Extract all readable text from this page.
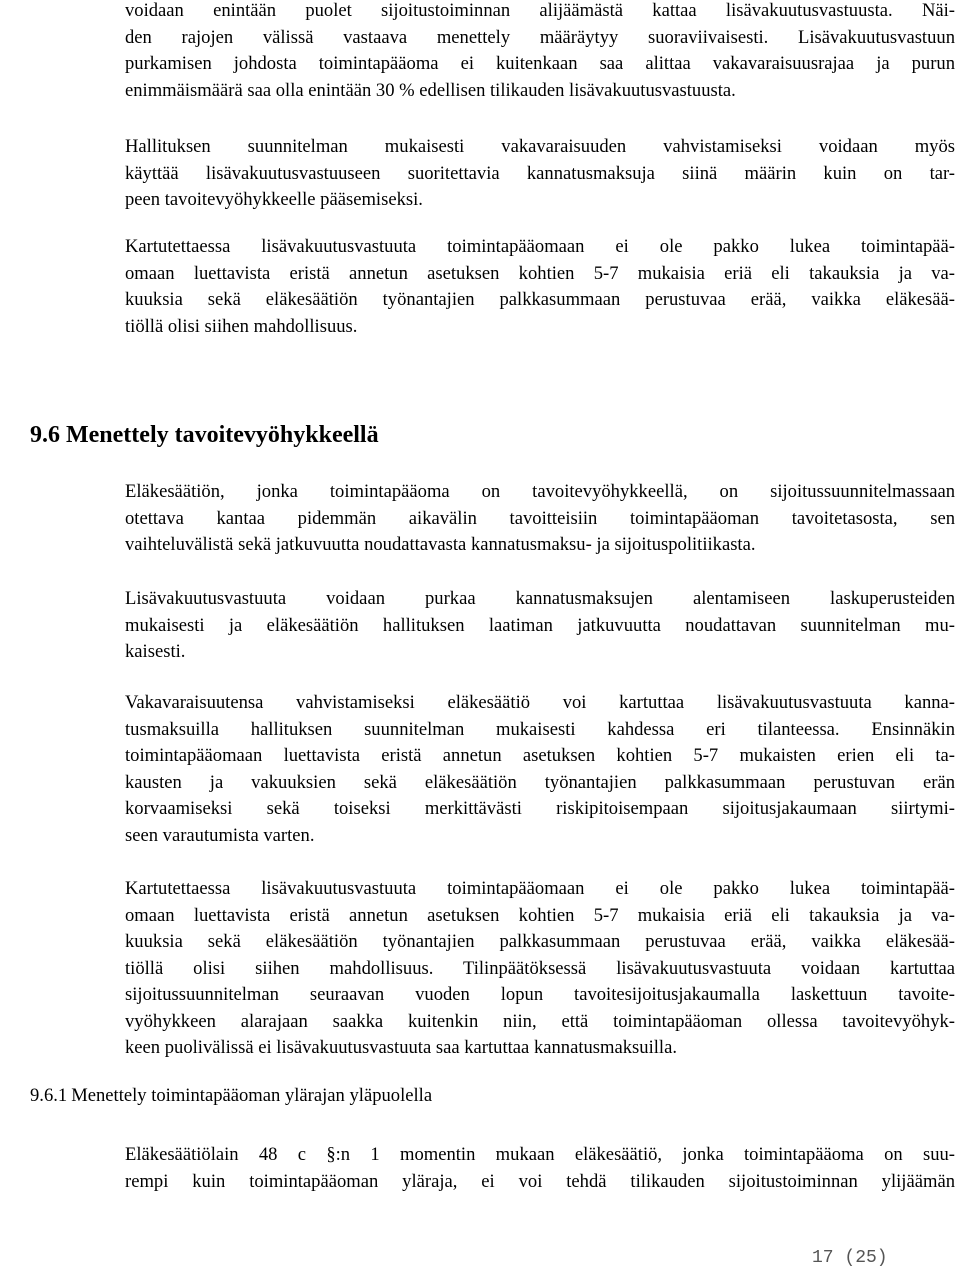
voidaan enintään puolet sijoitustoiminnan alijäämästä kattaa lisävakuutusvastuusta. Näi-
den rajojen välissä vastaava menettely määräytyy suoraviivaisesti. Lisävakuutusvastuun
purkamisen johdosta toimintapääoma ei kuitenkaan saa alittaa vakavaraisuusrajaa ja purun
enimmäismäärä saa olla enintään 30 % edellisen tilikauden lisävakuutusvastuusta.
Hallituksen suunnitelman mukaisesti vakavaraisuuden vahvistamiseksi voidaan myös
käyttää lisävakuutusvastuuseen suoritettavia kannatusmaksuja siinä määrin kuin on tar-
peen tavoitevyöhykkeelle pääsemiseksi.
Kartutettaessa lisävakuutusvastuuta toimintapääomaan ei ole pakko lukea toimintapää-
omaan luettavista eristä annetun asetuksen kohtien 5-7 mukaisia eriä eli takauksia ja va-
kuuksia sekä eläkesäätiön työnantajien palkkasummaan perustuvaa erää, vaikka eläkesää-
tiöllä olisi siihen mahdollisuus.
9.6 Menettely tavoitevyöhykkeellä
Eläkesäätiön, jonka toimintapääoma on tavoitevyöhykkeellä, on sijoitussuunnitelmassaan
otettava kantaa pidemmän aikavälin tavoitteisiin toimintapääoman tavoitetasosta, sen
vaihteluvälistä sekä jatkuvuutta noudattavasta kannatusmaksu- ja sijoituspolitiikasta.
Lisävakuutusvastuuta voidaan purkaa kannatusmaksujen alentamiseen laskuperusteiden
mukaisesti ja eläkesäätiön hallituksen laatiman jatkuvuutta noudattavan suunnitelman mu-
kaisesti.
Vakavaraisuutensa vahvistamiseksi eläkesäätiö voi kartuttaa lisävakuutusvastuuta kanna-
tusmaksuilla hallituksen suunnitelman mukaisesti kahdessa eri tilanteessa. Ensinnäkin
toimintapääomaan luettavista eristä annetun asetuksen kohtien 5-7 mukaisten erien eli ta-
kausten ja vakuuksien sekä eläkesäätiön työnantajien palkkasummaan perustuvan erän
korvaamiseksi sekä toiseksi merkittävästi riskipitoisempaan sijoitusjakaumaan siirtymi-
seen varautumista varten.
Kartutettaessa lisävakuutusvastuuta toimintapääomaan ei ole pakko lukea toimintapää-
omaan luettavista eristä annetun asetuksen kohtien 5-7 mukaisia eriä eli takauksia ja va-
kuuksia sekä eläkesäätiön työnantajien palkkasummaan perustuvaa erää, vaikka eläkesää-
tiöllä olisi siihen mahdollisuus. Tilinpäätöksessä lisävakuutusvastuuta voidaan kartuttaa
sijoitussuunnitelman seuraavan vuoden lopun tavoitesijoitusjakaumalla laskettuun tavoite-
vyöhykkeen alarajaan saakka kuitenkin niin, että toimintapääoman ollessa tavoitevyöhyk-
keen puolivälissä ei lisävakuutusvastuuta saa kartuttaa kannatusmaksuilla.
9.6.1 Menettely toimintapääoman ylärajan yläpuolella
Eläkesäätiölain 48 c §:n 1 momentin mukaan eläkesäätiö, jonka toimintapääoma on suu-
rempi kuin toimintapääoman yläraja, ei voi tehdä tilikauden sijoitustoiminnan ylijäämän
17 (25)
